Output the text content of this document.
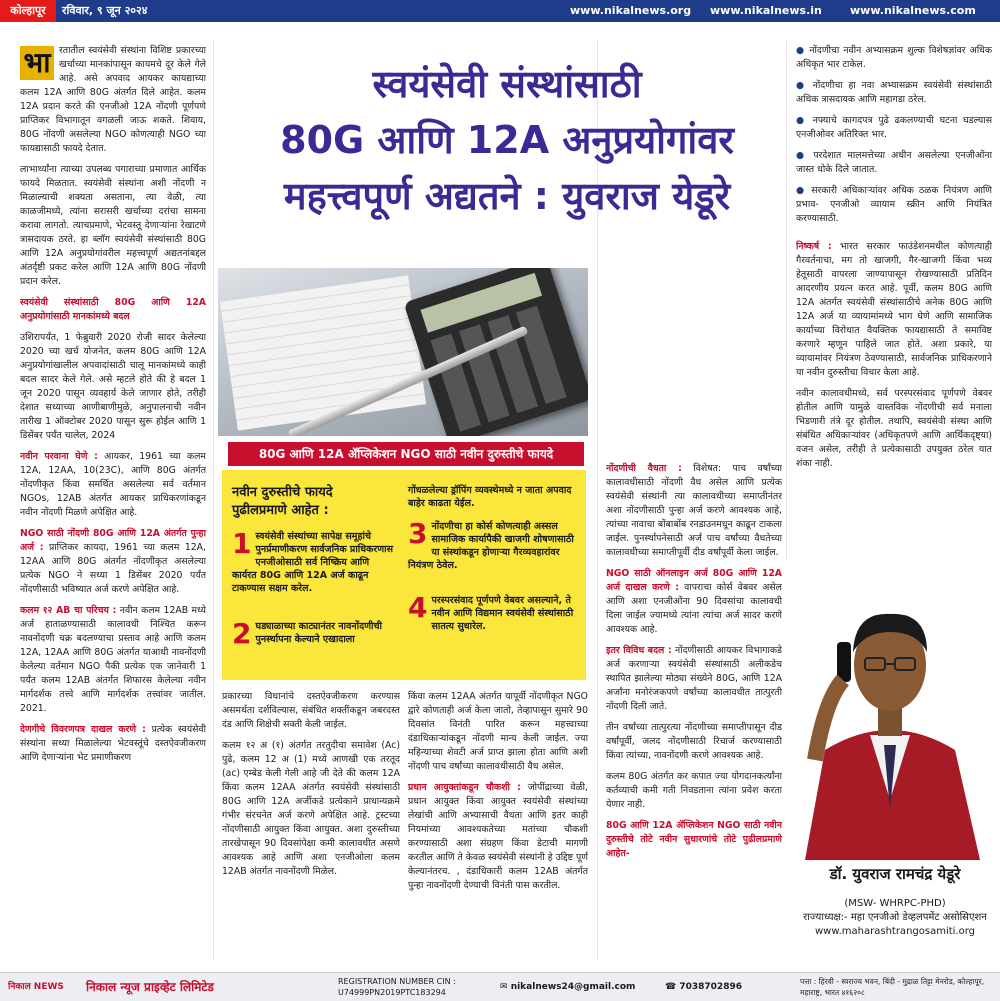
कोल्हापूर	रविवार, ९ जून २०२४	www.nikalnews.org www.nikalnews.in	www.nikalnews.com

भा रतातील स्वयंसेवी संस्थांना विशिष्ट प्रकारच्या खर्चाच्या मानकांपासून कायमचे दूर केले गेले आहे. असे अपवाद आयकर कायद्याच्या कलम 12A आणि 80G अंतर्गत दिले आहेत. कलम 12A प्रदान करते की एनजीओ 12A नोंदणी पूर्णपणे प्राप्तिकर विभागातून वगळली जाऊ शकते. शिवाय, 80G नोंदणी असलेल्या NGO कोणत्याही NGO च्या फायद्यासाठी फायदे देतात.

लाभार्थ्यांना त्याच्या उपलब्ध पगाराच्या प्रमाणात आर्थिक फायदे मिळतात. स्वयंसेवी संस्थांना अशी नोंदणी न मिळाल्याची शक्यता असताना, त्या वेळी, त्या काळजीमध्ये, त्यांना सरासरी खर्चाच्या दरांचा सामना करावा लागतो. त्याचप्रमाणे, भेटवस्तू देणाऱ्यांना रेखाटणे त्रासदायक ठरते. हा ब्लॉग स्वयंसेवी संस्थांसाठी 80G आणि 12A अनुप्रयोगांवरील महत्त्वपूर्ण अद्यतनांबद्दल अंतर्दृष्टी प्रकट करेल आणि 12A आणि 80G नोंदणी प्रदान करेल.

स्वयंसेवी संस्थांसाठी 80G आणि 12A अनुप्रयोगांसाठी मानकांमध्ये बदल

उशिरापर्यंत, 1 फेब्रुवारी 2020 रोजी सादर केलेल्या 2020 च्या खर्च योजनेत, कलम 80G आणि 12A अनुप्रयोगांखालील अपवादांसाठी चालू मानकांमध्ये काही बदल सादर केले गेले. असे म्हटले होते की हे बदल 1 जून 2020 पासून व्यवहार्य केले जाणार होते, तरीही देशात सध्याच्या आणीबाणीमुळे, अनुपालनाची नवीन तारीख 1 ऑक्टोबर 2020 पासून सुरू होईल आणि 1 डिसेंबर पर्यंत चालेल, 2024

नवीन परवाना घेणे : आयकर, 1961 च्या कलम 12A, 12AA, 10(23C), आणि 80G अंतर्गत नोंदणीकृत किंवा समर्थित असलेल्या सर्व वर्तमान NGOs, 12AB अंतर्गत आयकर प्राधिकरणांकडून नवीन नोंदणी मिळणे अपेक्षित आहे.

NGO साठी नोंदणी 80G आणि 12A अंतर्गत पुन्हा अर्ज : प्राप्तिकर कायदा, 1961 च्या कलम 12A, 12AA आणि 80G अंतर्गत नोंदणीकृत असलेल्या प्रत्येक NGO ने सध्या 1 डिसेंबर 2020 पर्यंत नोंदणीसाठी भविष्यात अर्ज करणे अपेक्षित आहे.

कलम १२ AB चा परिचय : नवीन कलम 12AB मध्ये अर्ज हाताळण्यासाठी कालावधी निश्चित करून नावनोंदणी चक्र बदलण्याचा प्रस्ताव आहे आणि कलम 12A, 12AA आणि 80G अंतर्गत याआधी नावनोंदणी केलेल्या वर्तमान NGO पैकी प्रत्येक एक जानेवारी 1 पर्यंत कलम 12AB अंतर्गत शिफारस केलेल्या नवीन मार्गदर्शक तत्त्वे आणि मार्गदर्शक तत्त्वांवर जातील. 2021.

देणगीचे विवरणपत्र दाखल करणे : प्रत्येक स्वयंसेवी संस्थांना सध्या मिळालेल्या भेटवस्तूंचे दस्तऐवजीकरण आणि देणाऱ्यांना भेट प्रमाणीकरण

स्वयंसेवी संस्थांसाठी
80G आणि 12A अनुप्रयोगांवर
महत्त्वपूर्ण अद्यतने : युवराज येडूरे
80G आणि 12A ॲप्लिकेशन NGO साठी नवीन दुरुस्तीचे फायदे
नवीन दुरुस्तीचे फायदे पुढीलप्रमाणे आहेत :
1 स्वयंसेवी संस्थांच्या सापेक्ष समूहांचे पुनर्प्रमाणीकरण सार्वजनिक प्राधिकरणास एनजीओसाठी सर्व निष्क्रिय आणि कार्यरत 80G आणि 12A अर्ज काढून टाकण्यास सक्षम करेल.
2 घड्याळाच्या काट्यानंतर नावनोंदणीची पुनर्स्थापना केल्याने एखादाला
गोंधळलेल्या ड्रॉपिंग व्यवस्थेमध्ये न जाता अपवाद बाहेर काढता येईल.
3 नोंदणीचा हा कोर्स कोणत्याही अस्सल सामाजिक कार्यापैकी खाजगी शोषणासाठी या संस्थांकडून होणाऱ्या गैरव्यवहारांवर नियंत्रण ठेवेल.
4 परस्परसंवाद पूर्णपणे वेबवर असल्याने, ते नवीन आणि विद्यमान स्वयंसेवी संस्थांसाठी सातत्य सुधारेल.

प्रकारच्या विधानांचे दस्तऐवजीकरण करण्यास असमर्थता दर्शविल्यास, संबंधित शक्तींकडून जबरदस्त दंड आणि शिक्षेची सक्ती केली जाईल.

कलम १२ अ (१) अंतर्गत तरतुदीचा समावेश (Ac) पुढे, कलम 12 अ (1) मध्ये आणखी एक तरतूद (ac) एम्बेड केली गेली आहे जी देते की कलम 12A किंवा कलम 12AA अंतर्गत स्वयंसेवी संस्थांसाठी 80G आणि 12A अर्जीकडे प्रत्येकाने प्राधान्यक्रमे गंभीर संरचनेत अर्ज करणे अपेक्षित आहे. ट्रस्टच्या नोंदणीसाठी आयुक्त किंवा आयुक्त. अशा दुरुस्तीच्या तारखेपासून 90 दिवसांपेक्षा कमी कालावधीत असणे आवश्यक आहे आणि अशा एनजीओला कलम 12AB अंतर्गत नावनोंदणी मिळेल.

किंवा कलम 12AA अंतर्गत यापूर्वी नोंदणीकृत NGO द्वारे कोणताही अर्ज केला जातो, तेव्हापासून सुमारे 90 दिवसांत विनंती पारित करून महत्त्वाच्या दंडाधिकाऱ्यांकडून नोंदणी मान्य केली जाईल. ज्या महिन्याच्या शेवटी अर्ज प्राप्त झाला होता आणि अशी नोंदणी पाच वर्षांच्या कालावधीसाठी वैध असेल.

प्रधान आयुक्तांकडून चौकशी : जोपींद्राच्या वेळी, प्रधान आयुक्त किंवा आयुक्त स्वयंसेवी संस्थांच्या लेखांची आणि अभ्यासाची वैधता आणि इतर काही नियमांच्या आवश्यकतेच्या मतांच्या चौकशी करण्यासाठी अशा संग्रहण किंवा डेटाची मागणी करतील आणि ते केवळ स्वयंसेवी संस्थांनी हे उद्दिष्ट पूर्ण केल्यानंतरच. , दंडाधिकारी कलम 12AB अंतर्गत पुन्हा नावनोंदणी देण्याची विनंती पास करतील.

नोंदणीची वैधता : विशेषत: पाच वर्षांच्या कालावधीसाठी नोंदणी वैध असेल आणि प्रत्येक स्वयंसेवी संस्थांनी त्या कालावधीच्या समाप्तीनंतर अशा नोंदणीसाठी पुन्हा अर्ज करणे आवश्यक आहे, त्यांच्या नावाचा बोंबाबोंब रनडाउनमधून काढून टाकला जाईल. पुनर्स्थापनेसाठी अर्ज पाच वर्षांच्या वैधतेच्या कालावधीच्या समाप्तीपूर्वी दीड वर्षांपूर्वी केला जाईल.

NGO साठी ऑनलाइन अर्ज 80G आणि 12A अर्ज दाखल करणे : वापराचा कोर्स वेबवर असेल आणि अशा एनजीओंना 90 दिवसांचा कालावधी दिला जाईल ज्यामध्ये त्यांना त्यांचा अर्ज सादर करणे आवश्यक आहे.

इतर विविध बदल : नोंदणीसाठी आयकर विभागाकडे अर्ज करणाऱ्या स्वयंसेवी संस्थांसाठी अलीकडेच स्थापित झालेल्या मोठ्या संख्येने 80G, आणि 12A अर्जांना मनोरंजकपणे वर्षांच्या कालावधीत तात्पुरती नोंदणी दिली जाते.

तीन वर्षांच्या तात्पुरत्या नोंदणीच्या समाप्तीपासून दीड वर्षांपूर्वी, जलद नोंदणीसाठी रिचार्ज करण्यासाठी किंवा त्यांच्या, नावनोंदणी करणे आवश्यक आहे.

कलम 80G अंतर्गत कर कपात ज्या योगदानकर्त्यांना कर्तव्याची कमी गती निवडताना त्यांना प्रवेश करता येणार नाही.

80G आणि 12A ॲप्लिकेशन NGO साठी नवीन दुरुस्तीचे तोटे नवीन सुधारणांचे तोटे पुढीलप्रमाणे आहेत-

● नोंदणीचा नवीन अभ्यासक्रम शुल्क विशेषज्ञांवर अधिक अधिकृत भार टाकेल.

● नोंदणीचा हा नवा अभ्यासक्रम स्वयंसेवी संस्थांसाठी अधिक त्रासदायक आणि महागडा ठरेल.

● नफ्याचे कागदपत्र पुढे ढकलण्याची घटना घडल्यास एनजीओवर अतिरिक्त भार.

● परदेशात मालमत्तेच्या अधीन असलेल्या एनजीओंना जास्त धोके दिले जातात.

● सरकारी अधिकाऱ्यांवर अधिक ठळक नियंत्रण आणि प्रभाव- एनजीओ व्यायाम स्क्रीन आणि नियंत्रित करण्यासाठी.

निष्कर्ष : भारत सरकार फाउंडेशनमधील कोणत्याही गैरवर्तनाचा, मग तो खाजगी, गैर-खाजगी किंवा भव्य हेतूसाठी वापरला जाण्यापासून रोखण्यासाठी प्रतिदिन आदरणीय प्रयत्न करत आहे. पूर्वी, कलम 80G आणि 12A अंतर्गत स्वयंसेवी संस्थांसाठीचे अनेक 80G आणि 12A अर्ज या व्यायामांमध्ये भाग घेणे आणि सामाजिक कार्याच्या विरोधात वैयक्तिक फायद्यासाठी ते समाविष्ट करणारे म्हणून पाहिले जात होते. अशा प्रकारे, या व्यायामांवर नियंत्रण ठेवण्यासाठी, सार्वजनिक प्राधिकरणाने या नवीन दुरुस्तीचा विचार केला आहे.

नवीन कालावधीमध्ये, सर्व परस्परसंवाद पूर्णपणे वेबवर होतील आणि यामुळे वास्तविक नोंदणीची सर्व मनाला भिडणारी तंत्रे दूर होतील. तथापि, स्वयंसेवी संस्था आणि संबंधित अधिकाऱ्यांवर (अधिकृतपणे आणि आर्थिकदृष्ट्या) वजन असेल, तरीही ते प्रत्येकासाठी उपयुक्त ठरेल यात शंका नाही.

डॉ. युवराज रामचंद्र येडूरे
(MSW- WHRPC-PHD)
राज्याध्यक्ष:- महा एनजीओ डेव्हलपमेंट असोसिएशन
www.maharashtrangosamiti.org
निकाल NEWS निकाल न्यूज प्राइव्हेट लिमिटेड	REGISTRATION NUMBER CIN :
U74999PN2019PTC183294
✉ nikalnews24@gmail.com	☎ 7038702896
पत्ता : हिरवी - स्वराज्य भवन, बिंदी - मुद्राळ तिट्टा मेनरोड, कोल्हापूर, महाराष्ट्र, भारत ४१६२०८
